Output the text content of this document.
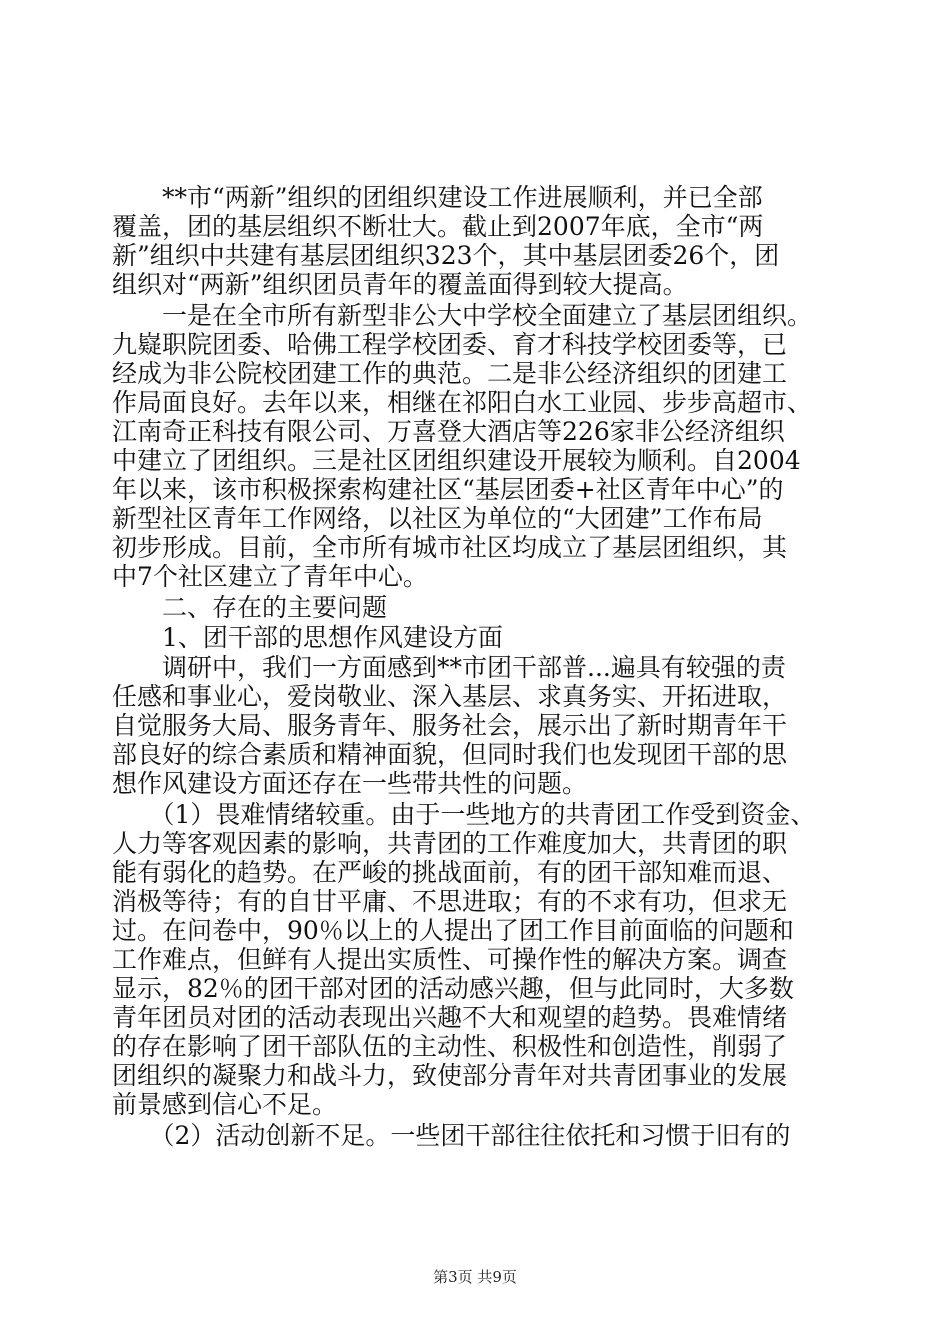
　　**市“两新”组织的团组织建设工作进展顺利，并已全部
覆盖，团的基层组织不断壮大。截止到2007年底，全市“两
新”组织中共建有基层团组织323个，其中基层团委26个，团
组织对“两新”组织团员青年的覆盖面得到较大提高。
　　一是在全市所有新型非公大中学校全面建立了基层团组织。
九嶷职院团委、哈佛工程学校团委、育才科技学校团委等，已
经成为非公院校团建工作的典范。二是非公经济组织的团建工
作局面良好。去年以来，相继在祁阳白水工业园、步步高超市、
江南奇正科技有限公司、万喜登大酒店等226家非公经济组织
中建立了团组织。三是社区团组织建设开展较为顺利。自2004
年以来，该市积极探索构建社区“基层团委+社区青年中心”的
新型社区青年工作网络，以社区为单位的“大团建”工作布局
初步形成。目前，全市所有城市社区均成立了基层团组织，其
中7个社区建立了青年中心。
　　二、存在的主要问题
　　1、团干部的思想作风建设方面
　　调研中，我们一方面感到**市团干部普...遍具有较强的责
任感和事业心，爱岗敬业、深入基层、求真务实、开拓进取，
自觉服务大局、服务青年、服务社会，展示出了新时期青年干
部良好的综合素质和精神面貌，但同时我们也发现团干部的思
想作风建设方面还存在一些带共性的问题。
　　（1）畏难情绪较重。由于一些地方的共青团工作受到资金、
人力等客观因素的影响，共青团的工作难度加大，共青团的职
能有弱化的趋势。在严峻的挑战面前，有的团干部知难而退、
消极等待；有的自甘平庸、不思进取；有的不求有功，但求无
过。在问卷中，90％以上的人提出了团工作目前面临的问题和
工作难点，但鲜有人提出实质性、可操作性的解决方案。调查
显示，82％的团干部对团的活动感兴趣，但与此同时，大多数
青年团员对团的活动表现出兴趣不大和观望的趋势。畏难情绪
的存在影响了团干部队伍的主动性、积极性和创造性，削弱了
团组织的凝聚力和战斗力，致使部分青年对共青团事业的发展
前景感到信心不足。
　　（2）活动创新不足。一些团干部往往依托和习惯于旧有的
第3页 共9页
